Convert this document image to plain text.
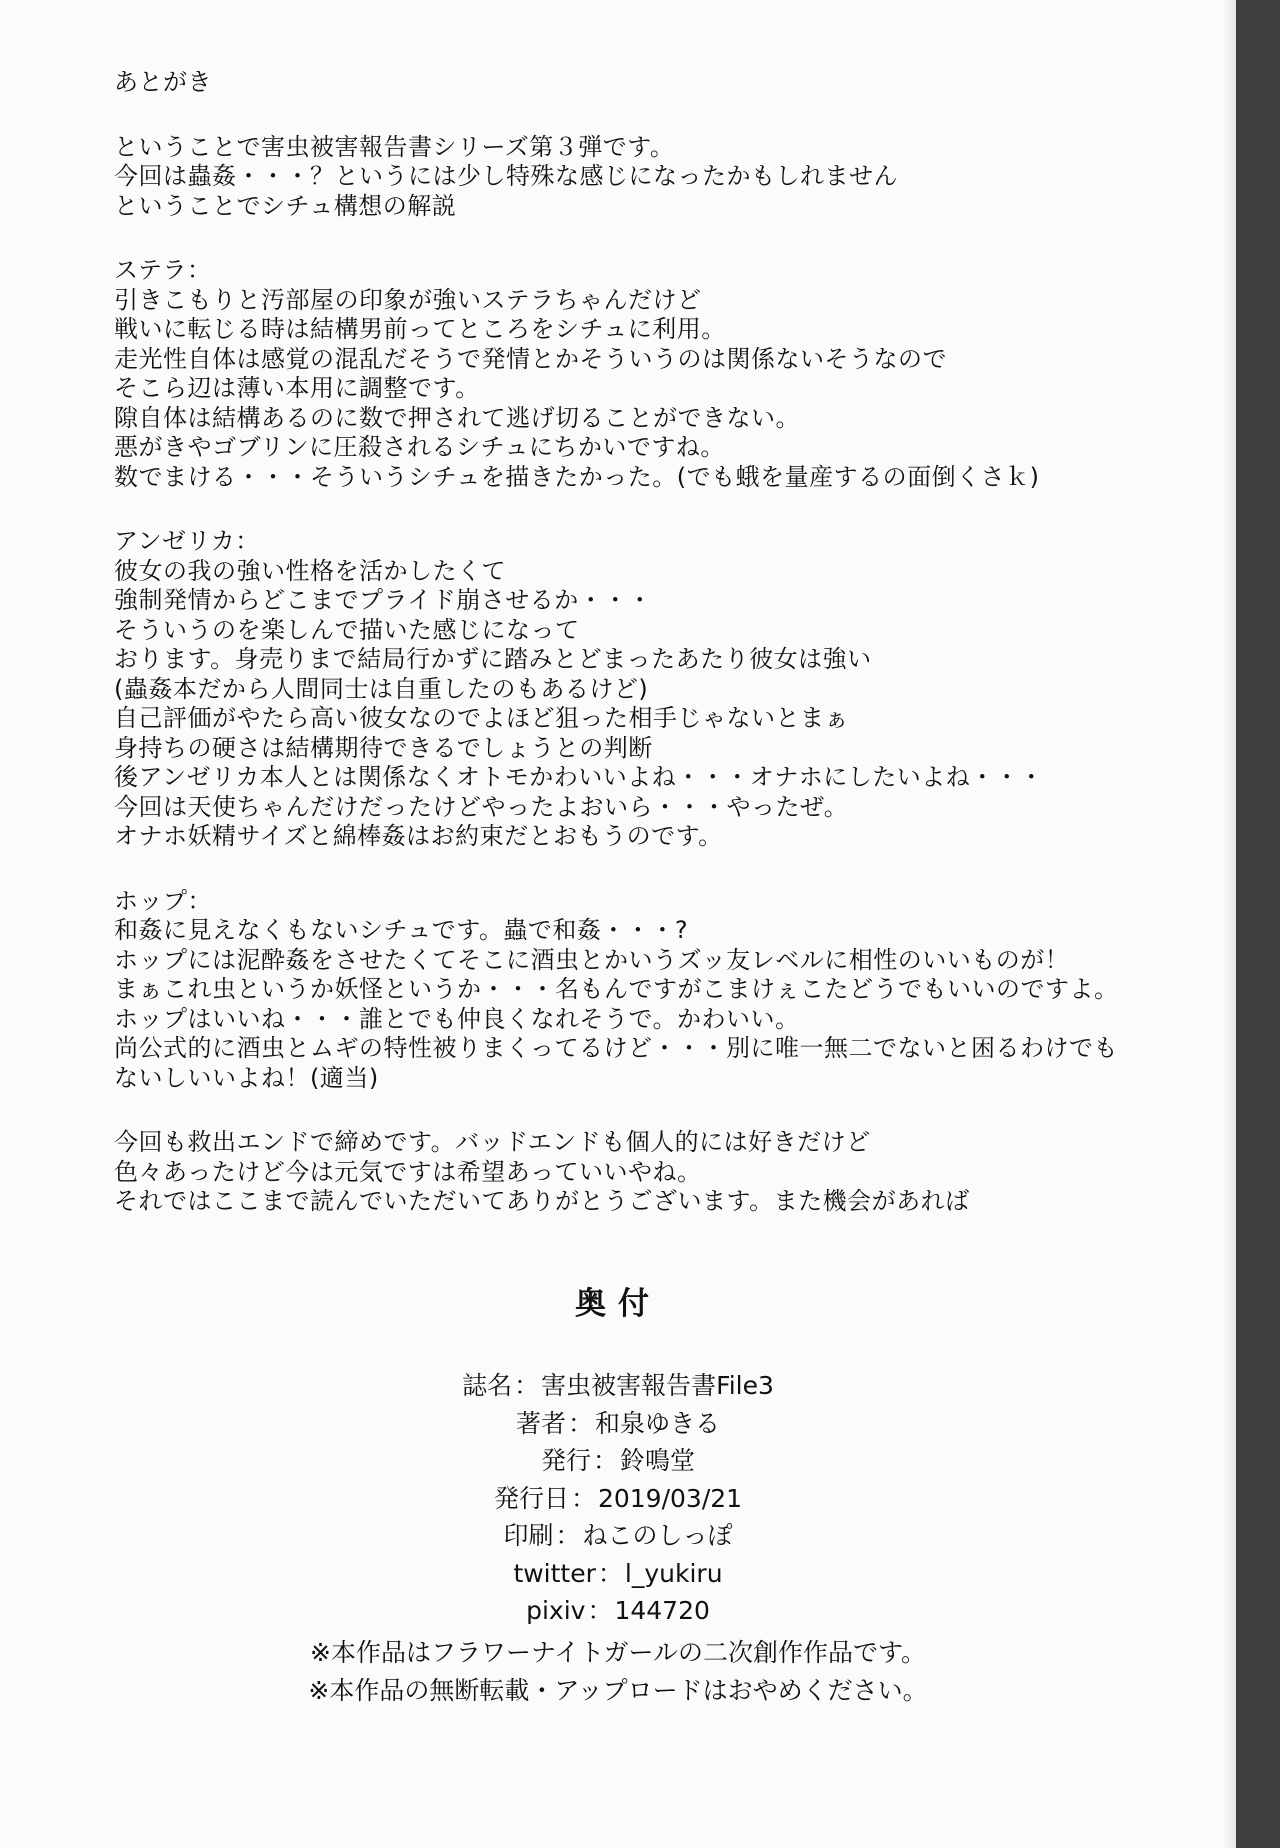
あとがき
ということで害虫被害報告書シリーズ第３弾です。
今回は蟲姦・・・？というには少し特殊な感じになったかもしれません
ということでシチュ構想の解説
ステラ：
引きこもりと汚部屋の印象が強いステラちゃんだけど
戦いに転じる時は結構男前ってところをシチュに利用。
走光性自体は感覚の混乱だそうで発情とかそういうのは関係ないそうなので
そこら辺は薄い本用に調整です。
隙自体は結構あるのに数で押されて逃げ切ることができない。
悪がきやゴブリンに圧殺されるシチュにちかいですね。
数でまける・・・そういうシチュを描きたかった。(でも蛾を量産するの面倒くさｋ)
アンゼリカ：
彼女の我の強い性格を活かしたくて
強制発情からどこまでプライド崩させるか・・・
そういうのを楽しんで描いた感じになって
おります。身売りまで結局行かずに踏みとどまったあたり彼女は強い
(蟲姦本だから人間同士は自重したのもあるけど)
自己評価がやたら高い彼女なのでよほど狙った相手じゃないとまぁ
身持ちの硬さは結構期待できるでしょうとの判断
後アンゼリカ本人とは関係なくオトモかわいいよね・・・オナホにしたいよね・・・
今回は天使ちゃんだけだったけどやったよおいら・・・やったぜ。
オナホ妖精サイズと綿棒姦はお約束だとおもうのです。
ホップ：
和姦に見えなくもないシチュです。蟲で和姦・・・?
ホップには泥酔姦をさせたくてそこに酒虫とかいうズッ友レベルに相性のいいものが！
まぁこれ虫というか妖怪というか・・・名もんですがこまけぇこたどうでもいいのですよ。
ホップはいいね・・・誰とでも仲良くなれそうで。かわいい。
尚公式的に酒虫とムギの特性被りまくってるけど・・・別に唯一無二でないと困るわけでも
ないしいいよね！(適当)
今回も救出エンドで締めです。バッドエンドも個人的には好きだけど
色々あったけど今は元気ですは希望あっていいやね。
それではここまで読んでいただいてありがとうございます。また機会があれば
奥付
誌名：害虫被害報告書File3
著者：和泉ゆきる
発行：鈴鳴堂
発行日：2019/03/21
印刷：ねこのしっぽ
twitter：l_yukiru
pixiv：144720
※本作品はフラワーナイトガールの二次創作作品です。
※本作品の無断転載・アップロードはおやめください。
